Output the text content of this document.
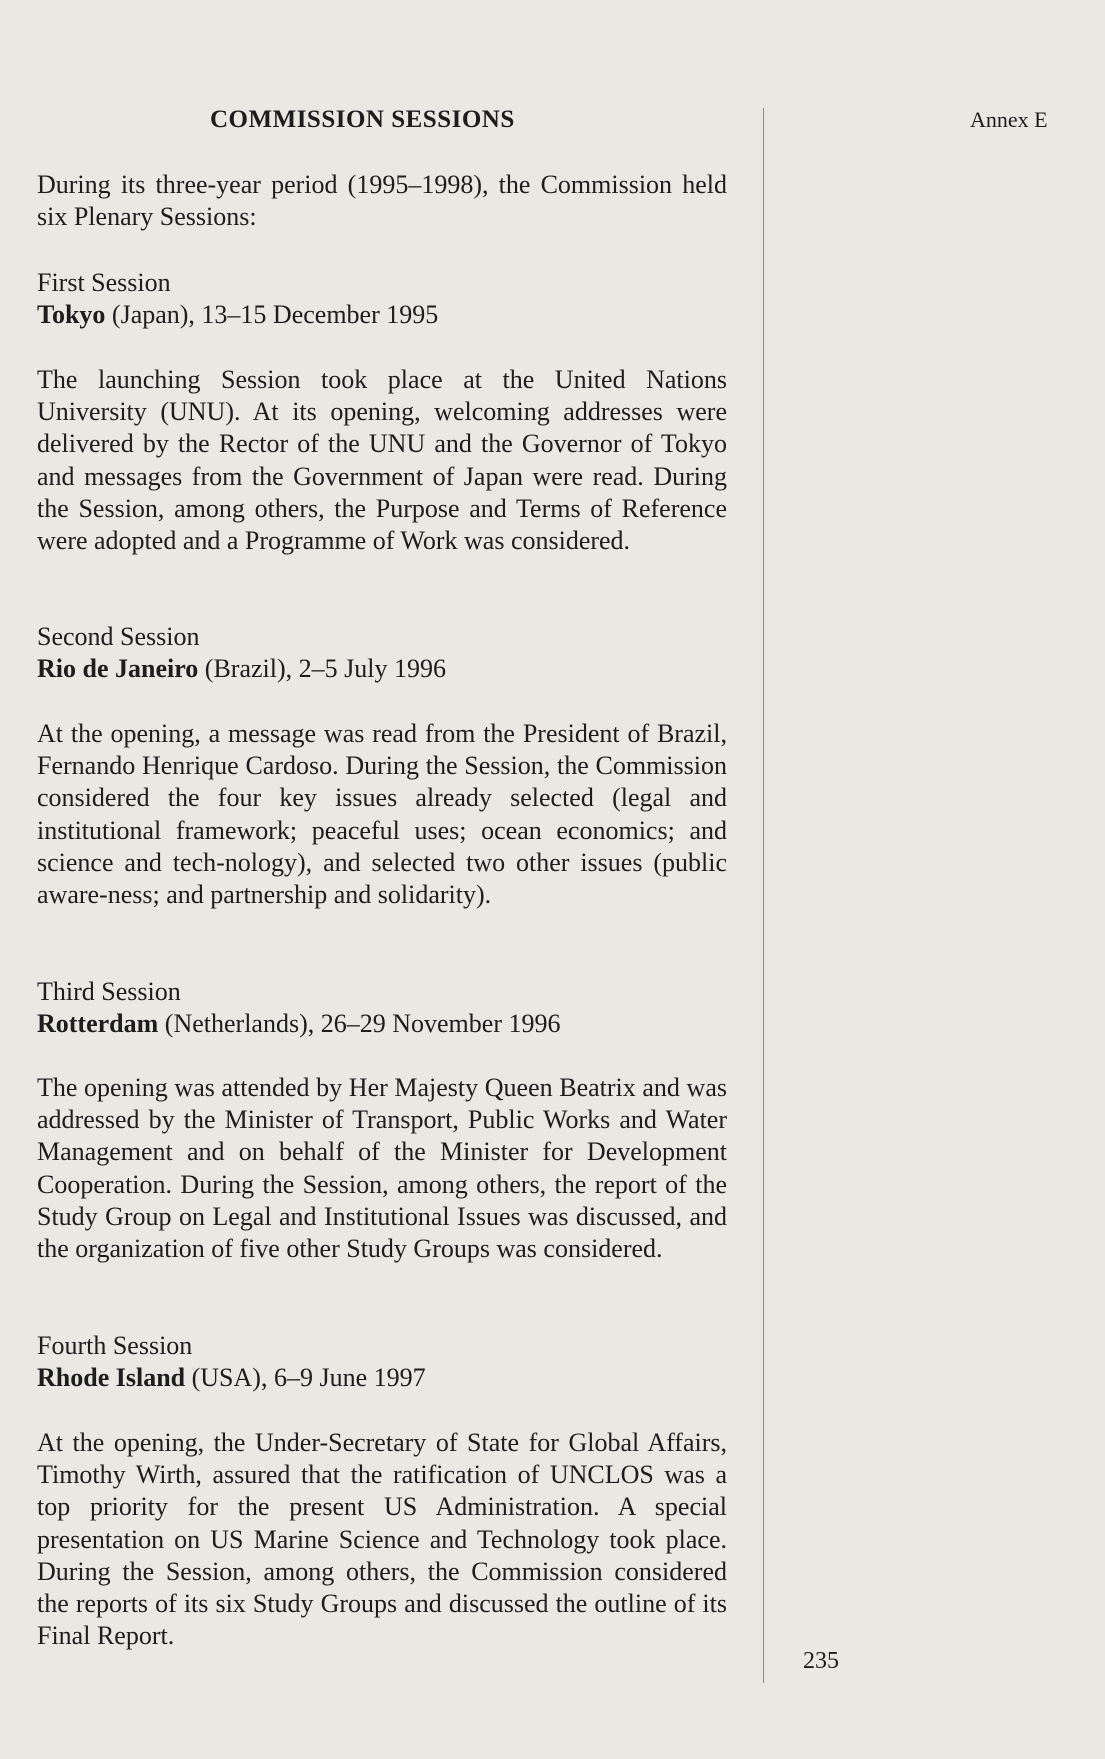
COMMISSION SESSIONS
During its three-year period (1995–1998), the Commission held six Plenary Sessions:
First Session
Tokyo (Japan), 13–15 December 1995
The launching Session took place at the United Nations University (UNU). At its opening, welcoming addresses were delivered by the Rector of the UNU and the Governor of Tokyo and messages from the Government of Japan were read. During the Session, among others, the Purpose and Terms of Reference were adopted and a Programme of Work was considered.
Second Session
Rio de Janeiro (Brazil), 2–5 July 1996
At the opening, a message was read from the President of Brazil, Fernando Henrique Cardoso. During the Session, the Commission considered the four key issues already selected (legal and institutional framework; peaceful uses; ocean economics; and science and tech-nology), and selected two other issues (public aware-ness; and partnership and solidarity).
Third Session
Rotterdam (Netherlands), 26–29 November 1996
The opening was attended by Her Majesty Queen Beatrix and was addressed by the Minister of Transport, Public Works and Water Management and on behalf of the Minister for Development Cooperation. During the Session, among others, the report of the Study Group on Legal and Institutional Issues was discussed, and the organization of five other Study Groups was considered.
Fourth Session
Rhode Island (USA), 6–9 June 1997
At the opening, the Under-Secretary of State for Global Affairs, Timothy Wirth, assured that the ratification of UNCLOS was a top priority for the present US Administration. A special presentation on US Marine Science and Technology took place. During the Session, among others, the Commission considered the reports of its six Study Groups and discussed the outline of its Final Report.
Annex E
235
